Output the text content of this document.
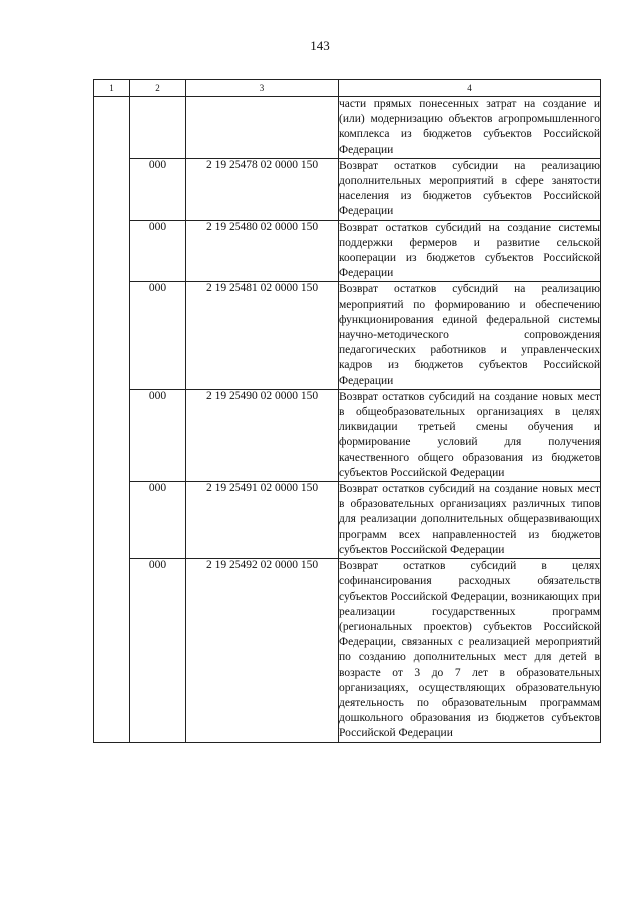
143
1	2	3	4
			части прямых понесенных затрат на создание и (или) модернизацию объектов агропромышленного комплекса из бюджетов субъектов Российской Федерации
	000	2 19 25478 02 0000 150	Возврат остатков субсидии на реализацию дополнительных мероприятий в сфере занятости населения из бюджетов субъектов Российской Федерации
	000	2 19 25480 02 0000 150	Возврат остатков субсидий на создание системы поддержки фермеров и развитие сельской кооперации из бюджетов субъектов Российской Федерации
	000	2 19 25481 02 0000 150	Возврат остатков субсидий на реализацию мероприятий по формированию и обеспечению функционирования единой федеральной системы научно-методического сопровождения педагогических работников и управленческих кадров из бюджетов субъектов Российской Федерации
	000	2 19 25490 02 0000 150	Возврат остатков субсидий на создание новых мест в общеобразовательных организациях в целях ликвидации третьей смены обучения и формирование условий для получения качественного общего образования из бюджетов субъектов Российской Федерации
	000	2 19 25491 02 0000 150	Возврат остатков субсидий на создание новых мест в образовательных организациях различных типов для реализации дополнительных общеразвивающих программ всех направленностей из бюджетов субъектов Российской Федерации
	000	2 19 25492 02 0000 150	Возврат остатков субсидий в целях софинансирования расходных обязательств субъектов Российской Федерации, возникающих при реализации государственных программ (региональных проектов) субъектов Российской Федерации, связанных с реализацией мероприятий по созданию дополнительных мест для детей в возрасте от 3 до 7 лет в образовательных организациях, осуществляющих образовательную деятельность по образовательным программам дошкольного образования из бюджетов субъектов Российской Федерации
